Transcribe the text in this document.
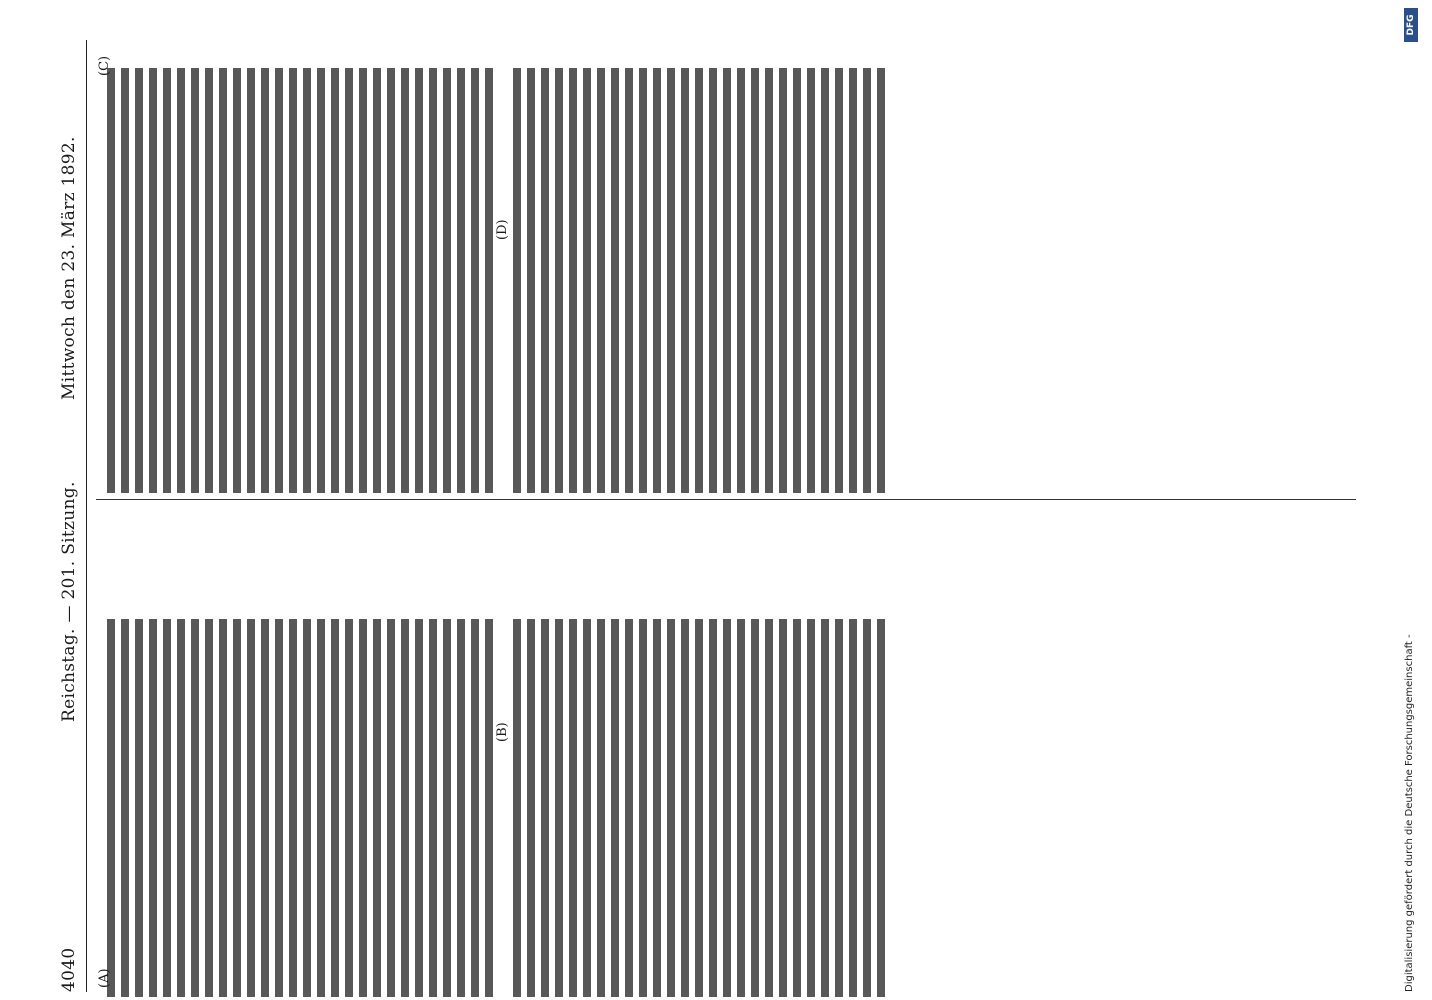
4040
Reichstag. — 201. Sitzung.
Mittwoch den 23. März 1892.
(A)
(B)
(C)
(D)
Digitalisierung gefördert durch die Deutsche Forschungsgemeinschaft -
DFG
